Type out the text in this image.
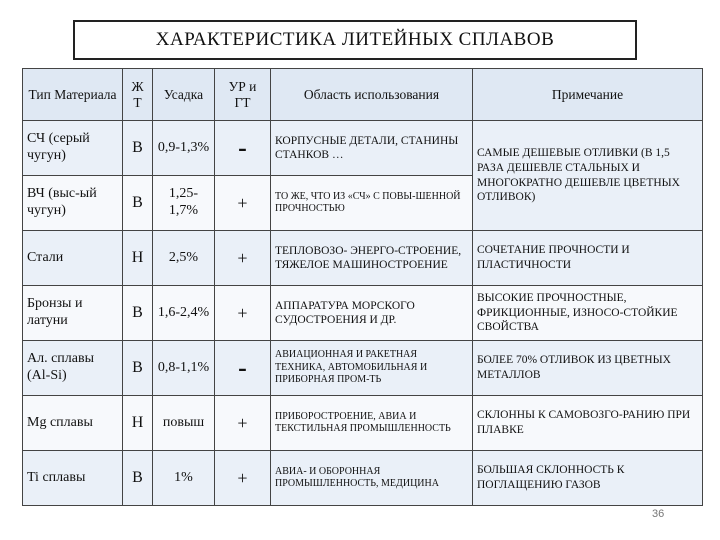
ХАРАКТЕРИСТИКА ЛИТЕЙНЫХ СПЛАВОВ
Тип Материала	Ж Т	Усадка	УР и ГТ	Область использования	Примечание
СЧ (серый чугун)	В	0,9-1,3%	-	КОРПУСНЫЕ ДЕТАЛИ, СТАНИНЫ СТАНКОВ …	САМЫЕ ДЕШЕВЫЕ ОТЛИВКИ (В 1,5 РАЗА ДЕШЕВЛЕ СТАЛЬНЫХ И МНОГОКРАТНО ДЕШЕВЛЕ ЦВЕТНЫХ ОТЛИВОК)
ВЧ (выс-ый чугун)	В	1,25-1,7%	+	ТО ЖЕ, ЧТО ИЗ «СЧ» С ПОВЫ-ШЕННОЙ ПРОЧНОСТЬЮ	
Стали	Н	2,5%	+	ТЕПЛОВОЗО- ЭНЕРГО-СТРОЕНИЕ, ТЯЖЕЛОЕ МАШИНОСТРОЕНИЕ	СОЧЕТАНИЕ ПРОЧНОСТИ И ПЛАСТИЧНОСТИ
Бронзы и латуни	В	1,6-2,4%	+	АППАРАТУРА МОРСКОГО СУДОСТРОЕНИЯ И ДР.	ВЫСОКИЕ ПРОЧНОСТНЫЕ, ФРИКЦИОННЫЕ, ИЗНОСО-СТОЙКИЕ СВОЙСТВА
Ал. сплавы (Al-Si)	В	0,8-1,1%	-	АВИАЦИОННАЯ И РАКЕТНАЯ ТЕХНИКА, АВТОМОБИЛЬНАЯ И ПРИБОРНАЯ ПРОМ-ТЬ	БОЛЕЕ 70% ОТЛИВОК ИЗ ЦВЕТНЫХ МЕТАЛЛОВ
Mg сплавы	Н	повыш	+	ПРИБОРОСТРОЕНИЕ, АВИА И ТЕКСТИЛЬНАЯ ПРОМЫШЛЕННОСТЬ	СКЛОННЫ К САМОВОЗГО-РАНИЮ ПРИ ПЛАВКЕ
Ti сплавы	В	1%	+	АВИА- И ОБОРОННАЯ ПРОМЫШЛЕННОСТЬ, МЕДИЦИНА	БОЛЬШАЯ СКЛОННОСТЬ К ПОГЛАЩЕНИЮ ГАЗОВ
36
